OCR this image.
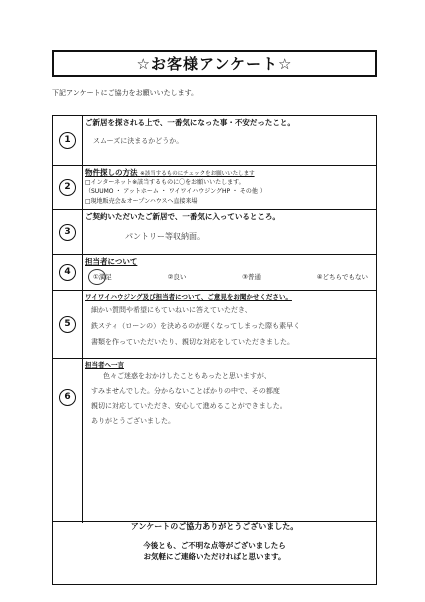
☆お客様アンケート☆
下記アンケートにご協力をお願いいたします。
1
ご新居を探される上で、一番気になった事・不安だったこと。
スムーズに決まるかどうか。
2
物件探しの方法 ※該当するものにチェックをお願いいたします
□インターネット※該当するものに〇をお願いいたします。
（SUUMO ・ アットホーム ・ ワイワイハウジングHP ・ その他 ）
□現地販売会＆オープンハウスへ直接来場
3
ご契約いただいたご新居で、一番気に入っているところ。
パントリー等収納面。
4
担当者について
①満足	②良い	③普通	④どちらでもない
5
ワイワイハウジング及び担当者について、ご意見をお聞かせください。
細かい質問や希望にもていねいに答えていただき、
鉄スティ（ローンの）を決めるのが遅くなってしまった際も素早く
書類を作っていただいたり、親切な対応をしていただきました。
6
担当者へ一言
色々ご迷惑をおかけしたこともあったと思いますが、
すみませんでした。分からないことばかりの中で、その都度
親切に対応していただき、安心して進めることができました。
ありがとうございました。
アンケートのご協力ありがとうございました。
今後とも、ご不明な点等がございましたら
お気軽にご連絡いただければと思います。
